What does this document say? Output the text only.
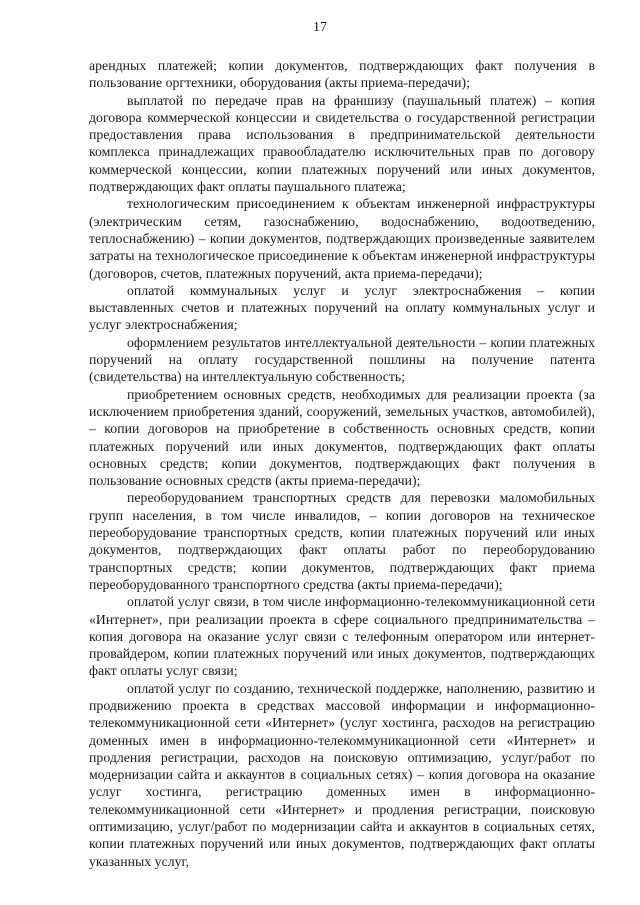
17

арендных платежей; копии документов, подтверждающих факт получения в пользование оргтехники, оборудования (акты приема-передачи);

выплатой по передаче прав на франшизу (паушальный платеж) – копия договора коммерческой концессии и свидетельства о государственной регистрации предоставления права использования в предпринимательской деятельности комплекса принадлежащих правообладателю исключительных прав по договору коммерческой концессии, копии платежных поручений или иных документов, подтверждающих факт оплаты паушального платежа;

технологическим присоединением к объектам инженерной инфраструктуры (электрическим сетям, газоснабжению, водоснабжению, водоотведению, теплоснабжению) – копии документов, подтверждающих произведенные заявителем затраты на технологическое присоединение к объектам инженерной инфраструктуры (договоров, счетов, платежных поручений, акта приема-передачи);

оплатой коммунальных услуг и услуг электроснабжения – копии выставленных счетов и платежных поручений на оплату коммунальных услуг и услуг электроснабжения;

оформлением результатов интеллектуальной деятельности – копии платежных поручений на оплату государственной пошлины на получение патента (свидетельства) на интеллектуальную собственность;

приобретением основных средств, необходимых для реализации проекта (за исключением приобретения зданий, сооружений, земельных участков, автомобилей), – копии договоров на приобретение в собственность основных средств, копии платежных поручений или иных документов, подтверждающих факт оплаты основных средств; копии документов, подтверждающих факт получения в пользование основных средств (акты приема-передачи);

переоборудованием транспортных средств для перевозки маломобильных групп населения, в том числе инвалидов, – копии договоров на техническое переоборудование транспортных средств, копии платежных поручений или иных документов, подтверждающих факт оплаты работ по переоборудованию транспортных средств; копии документов, подтверждающих факт приема переоборудованного транспортного средства (акты приема-передачи);

оплатой услуг связи, в том числе информационно-телекоммуникационной сети «Интернет», при реализации проекта в сфере социального предпринимательства – копия договора на оказание услуг связи с телефонным оператором или интернет-провайдером, копии платежных поручений или иных документов, подтверждающих факт оплаты услуг связи;

оплатой услуг по созданию, технической поддержке, наполнению, развитию и продвижению проекта в средствах массовой информации и информационно-телекоммуникационной сети «Интернет» (услуг хостинга, расходов на регистрацию доменных имен в информационно-телекоммуникационной сети «Интернет» и продления регистрации, расходов на поисковую оптимизацию, услуг/работ по модернизации сайта и аккаунтов в социальных сетях) – копия договора на оказание услуг хостинга, регистрацию доменных имен в информационно-телекоммуникационной сети «Интернет» и продления регистрации, поисковую оптимизацию, услуг/работ по модернизации сайта и аккаунтов в социальных сетях, копии платежных поручений или иных документов, подтверждающих факт оплаты указанных услуг,
